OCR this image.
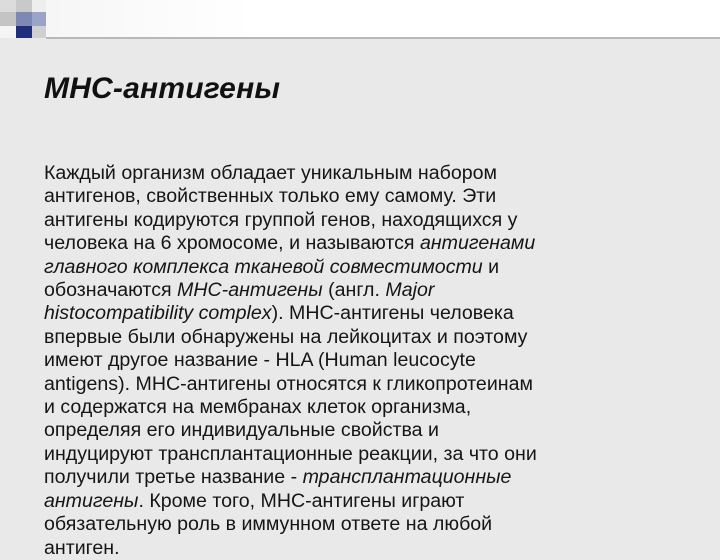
MHC-антигены

Каждый организм обладает уникальным набором
антигенов, свойственных только ему самому. Эти
антигены кодируются группой генов, находящихся у
человека на 6 хромосоме, и называются антигенами
главного комплекса тканевой совместимости и
обозначаются MHC-антигены (англ. Major
histocompatibility complex). MHC-антигены человека
впервые были обнаружены на лейкоцитах и поэтому
имеют другое название - HLA (Human leucocyte
antigens). MHC-антигены относятся к гликопротеинам
и содержатся на мембранах клеток организма,
определяя его индивидуальные свойства и
индуцируют трансплантационные реакции, за что они
получили третье название - трансплантационные
антигены. Кроме того, MHC-антигены играют
обязательную роль в иммунном ответе на любой
антиген.
